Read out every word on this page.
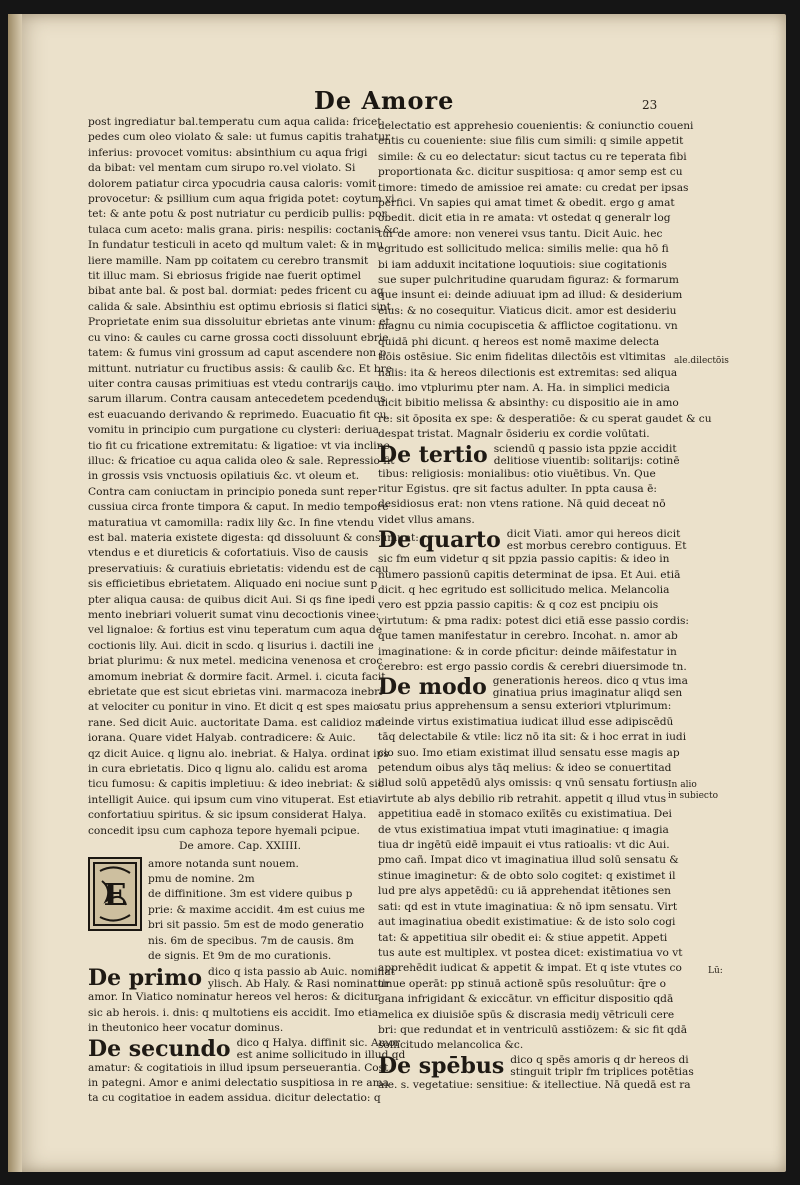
De Amore	23
post ingrediatur bal.temperatu cum aqua calida: fricet
pedes cum oleo violato & sale: ut fumus capitis trahatur
inferius: provocet vomitus: absinthium cu aqua frigi
da bibat: vel mentam cum sirupo ro.vel violato. Si
dolorem patiatur circa ypocudria causa caloris: vomit
provocetur: & psillium cum aqua frigida potet: coytum vi
tet: & ante potu & post nutriatur cu perdicib pullis: por
tulaca cum aceto: malis grana. piris: nespilis: coctanis &c.
In fundatur testiculi in aceto qd multum valet: & in mu
liere mamille. Nam pp coitatem cu cerebro transmit
tit illuc mam. Si ebriosus frigide nae fuerit optimel
bibat ante bal. & post bal. dormiat: pedes fricent cu aq
calida & sale. Absinthiu est optimu ebriosis si flatici sint.
Proprietate enim sua dissoluitur ebrietas ante vinum: et
cu vino: & caules cu carne grossa cocti dissoluunt ebrie
tatem: & fumus vini grossum ad caput ascendere non p
mittunt. nutriatur cu fructibus assis: & caulib &c. Et bre
uiter contra causas primitiuas est vtedu contrarijs cau
sarum illarum. Contra causam antecedetem pcedendus
est euacuando derivando & reprimedo. Euacuatio fit cu
vomitu in principio cum purgatione cu clysteri: deriua
tio fit cu fricatione extremitatu: & ligatioe: vt via incline
illuc: & fricatioe cu aqua calida oleo & sale. Repressio fit
in grossis vsis vnctuosis opilatiuis &c. vt oleum et.
Contra cam coniuctam in principio poneda sunt reper
cussiua circa fronte timpora & caput. In medio tempore
maturatiua vt camomilla: radix lily &c. In fine vtendu
est bal. materia existete digesta: qd dissoluunt & consumunt:
vtendus e et diureticis & cofortatiuis. Viso de causis
preservatiuis: & curatiuis ebrietatis: videndu est de cau
sis efficietibus ebrietatem. Aliquado eni nociue sunt p
pter aliqua causa: de quibus dicit Aui. Si qs fine ipedi
mento inebriari voluerit sumat vinu decoctionis vinee:
vel lignaloe: & fortius est vinu teperatum cum aqua de
coctionis lily. Aui. dicit in scdo. q lisurius i. dactili ine
briat plurimu: & nux metel. medicina venenosa et croc
amomum inebriat & dormire facit. Armel. i. cicuta facit
ebrietate que est sicut ebrietas vini. marmacoza inebri
at velociter cu ponitur in vino. Et dicit q est spes maio
rane. Sed dicit Auic. auctoritate Dama. est calidioz ma
iorana. Quare videt Halyab. contradicere: & Auic.
qz dicit Auice. q lignu alo. inebriat. & Halya. ordinat ips
in cura ebrietatis. Dico q lignu alo. calidu est aroma
ticu fumosu: & capitis impletiuu: & ideo inebriat: & sic
intelligit Auice. qui ipsum cum vino vituperat. Est etia
confortatiuu spiritus. & sic ipsum considerat Halya.
concedit ipsu cum caphoza tepore hyemali pcipue.
De amore. Cap. XXIIII.
E
amore notanda sunt nouem.
pmu de nomine. 2m
de diffinitione. 3m est videre quibus p
prie: & maxime accidit. 4m est cuius me
bri sit passio. 5m est de modo generatio
nis. 6m de specibus. 7m de causis. 8m
de signis. Et 9m de mo curationis.
De primo dico q ista passio ab Auic. nominat
ylisch. Ab Haly. & Rasi nominatur
amor. In Viatico nominatur hereos vel heros: & dicitur
sic ab herois. i. dnis: q multotiens eis accidit. Imo etia
in theutonico heer vocatur dominus.
De secundo dico q Halya. diffinit sic. Amor
est anime sollicitudo in illud qd
amatur: & cogitatiois in illud ipsum perseuerantia. Cost.
in pategni. Amor e animi delectatio suspitiosa in re ama
ta cu cogitatioe in eadem assidua. dicitur delectatio: q
delectatio est apprehesio couenientis: & coniunctio coueni
entis cu coueniente: siue filis cum simili: q simile appetit
simile: & cu eo delectatur: sicut tactus cu re teperata fibi
proportionata &c. dicitur suspitiosa: q amor semp est cu
timore: timedo de amissioe rei amate: cu credat per ipsas
perfici. Vn sapies qui amat timet & obedit. ergo g amat
obedit. dicit etia in re amata: vt ostedat q generalr log
tur de amore: non venerei vsus tantu. Dicit Auic. hec
egritudo est sollicitudo melica: similis melie: qua hō fi
bi iam adduxit incitatione loquutiois: siue cogitationis
sue super pulchritudine quarudam figuraz: & formarum
que insunt ei: deinde adiuuat ipm ad illud: & desiderium
eius: & no cosequitur. Viaticus dicit. amor est desideriu
magnu cu nimia cocupiscetia & afflictoe cogitationu. vn
quidā phi dicunt. q hereos est nomē maxime delecta
tiōis ostēsiue. Sic enim fidelitas dilectōis est vltimitas
nalis: ita & hereos dilectionis est extremitas: sed aliqua
do. imo vtplurimu pter nam. A. Ha. in simplici medicia
dicit bibitio melissa & absinthy: cu dispositio aie in amo
re: sit ōposita ex spe: & desperatiōe: & cu sperat gaudet & cu
despat tristat. Magnalr ōsideriu ex cordie volūtati.
De tertio sciendū q passio ista ppzie accidit
delitiose viuentib: solitarijs: cotinē
tibus: religiosis: monialibus: otio viuētibus. Vn. Que
ritur Egistus. qre sit factus adulter. In ppta causa ē:
desidiosus erat: non vtens ratione. Nā quid deceat nō
videt vllus amans.
De quarto dicit Viati. amor qui hereos dicit
est morbus cerebro contiguus. Et
sic fm eum videtur q sit ppzia passio capitis: & ideo in
numero passionū capitis determinat de ipsa. Et Aui. etiā
dicit. q hec egritudo est sollicitudo melica. Melancolia
vero est ppzia passio capitis: & q coz est pncipiu ois
virtutum: & pma radix: potest dici etiā esse passio cordis:
que tamen manifestatur in cerebro. Incohat. n. amor ab
imaginatione: & in corde pficitur: deinde māifestatur in
cerebro: est ergo passio cordis & cerebri diuersimode tn.
De modo generationis hereos. dico q vtus ima
ginatiua prius imaginatur aliqd sen
satu prius apprehensum a sensu exteriori vtplurimum:
deinde virtus existimatiua iudicat illud esse adipiscēdū
tāq delectabile & vtile: licz nō ita sit: & i hoc errat in iudi
cio suo. Imo etiam existimat illud sensatu esse magis ap
petendum oibus alys tāq melius: & ideo se conuertitad
illud solū appetēdū alys omissis: q vnū sensatu fortius
virtute ab alys debilio rib retrahit. appetit q illud vtus
appetitiua eadē in stomaco exiītēs cu existimatiua. Dei
de vtus existimatiua impat vtuti imaginatiue: q imagia
tiua dr ingētū eidē impauit ei vtus ratioalis: vt dic Aui.
pmo cañ. Impat dico vt imaginatiua illud solū sensatu &
stinue imaginetur: & de obto solo cogitet: q existimet il
lud pre alys appetēdū: cu iā apprehendat itētiones sen
sati: qd est in vtute imaginatiua: & nō ipm sensatu. Virt
aut imaginatiua obedit existimatiue: & de isto solo cogi
tat: & appetitiua silr obedit ei: & stiue appetit. Appeti
tus aute est multiplex. vt postea dicet: existimatiua vo vt
apprehēdit iudicat & appetit & impat. Et q iste vtutes co
tinue operāt: pp stinuā actionē spūs resoluūtur: q̄re o
gana infrigidant & exiccātur. vn efficitur dispositio qdā
melica ex diuisiōe spūs & discrasia mediȷ vētriculi cere
bri: que redundat et in ventriculū asstiōzem: & sic fit qdā
sollicitudo melancolica &c.
De spēbus dico q spēs amoris q dr hereos di
stinguit triplr fm triplices potētias
aie. s. vegetatiue: sensitiue: & itellectiue. Nā quedā est ra
ale.dilectōis
In alio
in subiecto
Lū:
